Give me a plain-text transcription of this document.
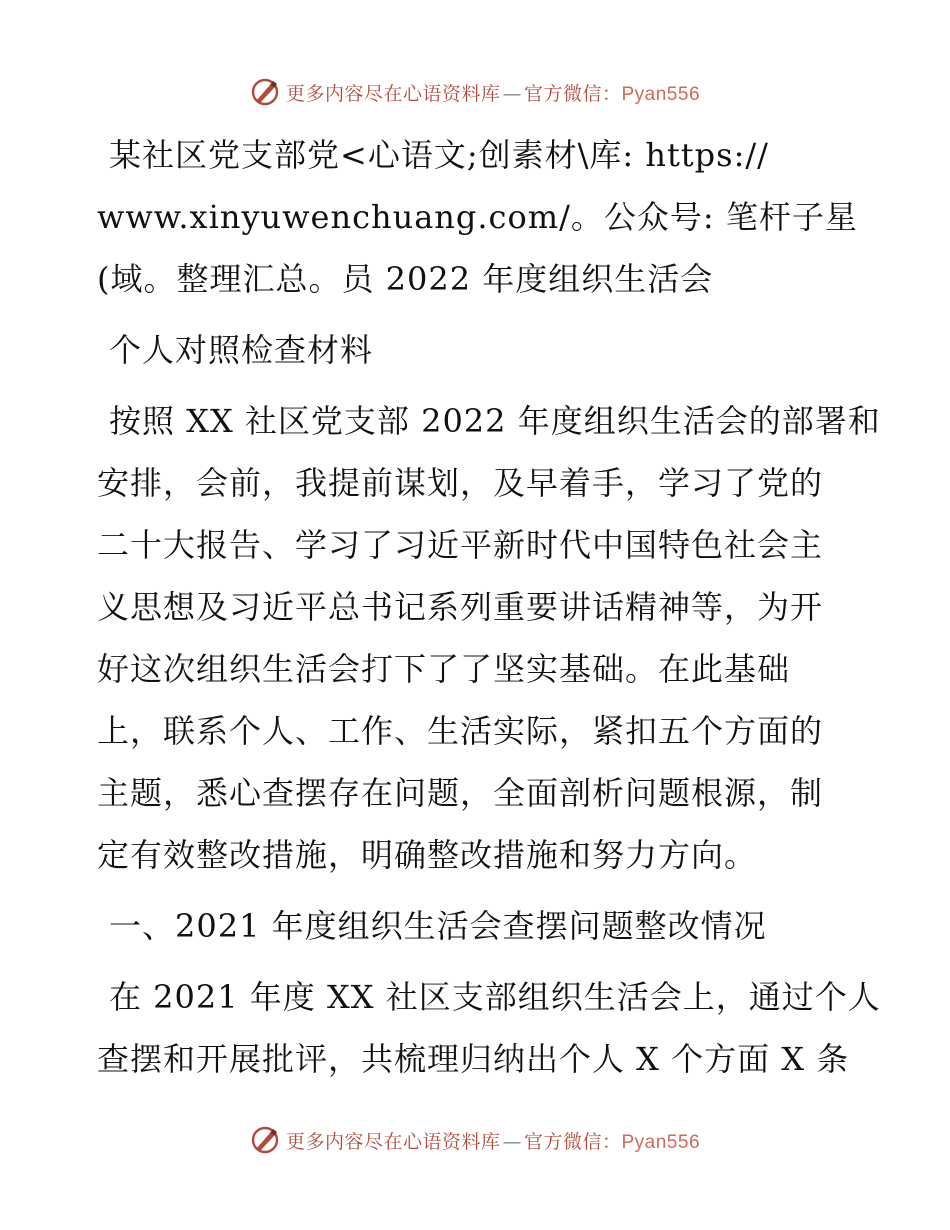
更多内容尽在心语资料库 — 官方微信：Pyan556
某社区党支部党<心语文;创素材\库: https://
www.xinyuwenchuang.com/。公众号: 笔杆子星
(域。整理汇总。员 2022 年度组织生活会
个人对照检查材料
按照 XX 社区党支部 2022 年度组织生活会的部署和
安排，会前，我提前谋划，及早着手，学习了党的
二十大报告、学习了习近平新时代中国特色社会主
义思想及习近平总书记系列重要讲话精神等，为开
好这次组织生活会打下了了坚实基础。在此基础
上，联系个人、工作、生活实际，紧扣五个方面的
主题，悉心查摆存在问题，全面剖析问题根源，制
定有效整改措施，明确整改措施和努力方向。
一、2021 年度组织生活会查摆问题整改情况
在 2021 年度 XX 社区支部组织生活会上，通过个人
查摆和开展批评，共梳理归纳出个人 X 个方面 X 条
更多内容尽在心语资料库 — 官方微信：Pyan556
